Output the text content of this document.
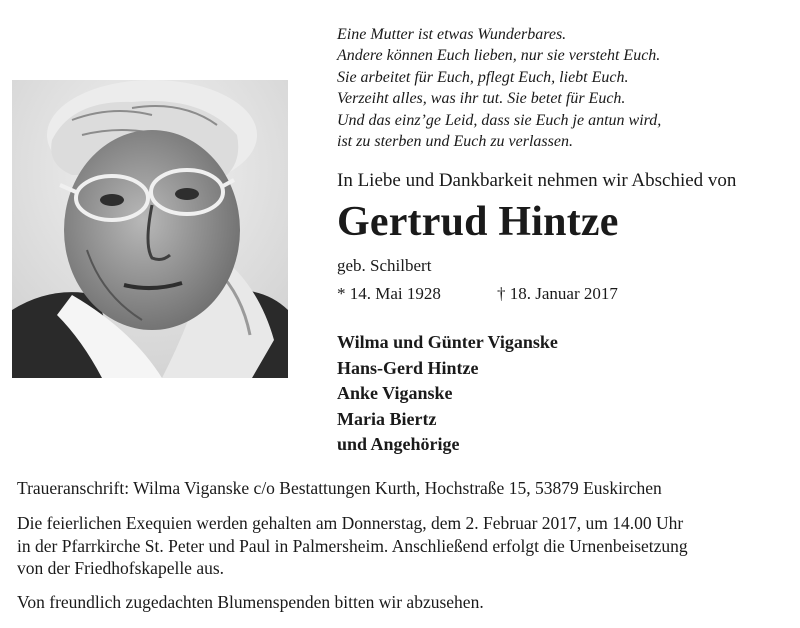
Eine Mutter ist etwas Wunderbares.
Andere können Euch lieben, nur sie versteht Euch.
Sie arbeitet für Euch, pflegt Euch, liebt Euch.
Verzeiht alles, was ihr tut. Sie betet für Euch.
Und das einz’ge Leid, dass sie Euch je antun wird,
ist zu sterben und Euch zu verlassen.
In Liebe und Dankbarkeit nehmen wir Abschied von
Gertrud Hintze
geb. Schilbert
* 14. Mai 1928	† 18. Januar 2017
Wilma und Günter Viganske
Hans-Gerd Hintze
Anke Viganske
Maria Biertz
und Angehörige
Traueranschrift: Wilma Viganske c/o Bestattungen Kurth, Hochstraße 15, 53879 Euskirchen
Die feierlichen Exequien werden gehalten am Donnerstag, dem 2. Februar 2017, um 14.00 Uhr
in der Pfarrkirche St. Peter und Paul in Palmersheim. Anschließend erfolgt die Urnenbeisetzung
von der Friedhofskapelle aus.
Von freundlich zugedachten Blumenspenden bitten wir abzusehen.
